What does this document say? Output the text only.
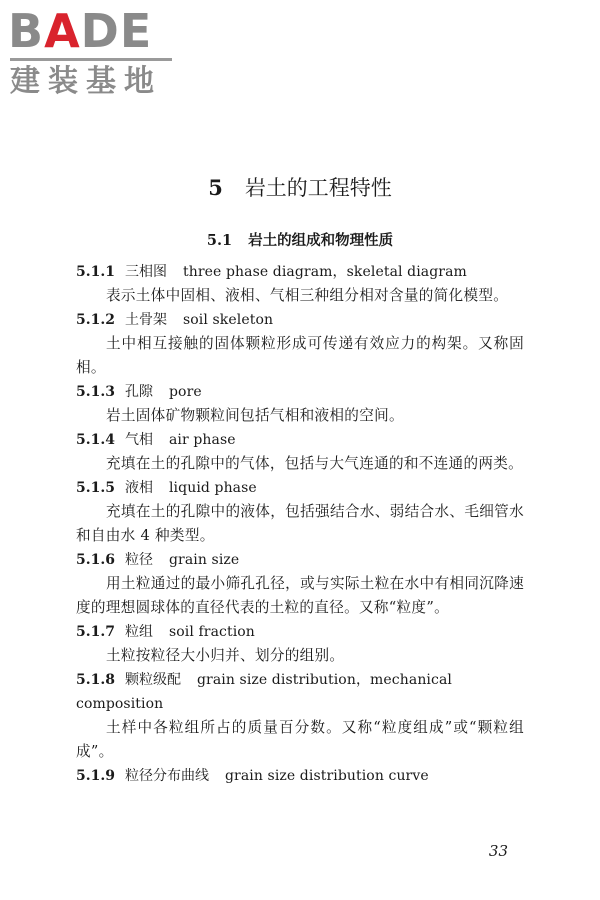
BADE
建装基地
5 岩土的工程特性
5.1 岩土的组成和物理性质
5.1.1 三相图 three phase diagram，skeletal diagram

表示土体中固相、液相、气相三种组分相对含量的简化模型。

5.1.2 土骨架 soil skeleton

土中相互接触的固体颗粒形成可传递有效应力的构架。又称固相。

5.1.3 孔隙 pore

岩土固体矿物颗粒间包括气相和液相的空间。

5.1.4 气相 air phase

充填在土的孔隙中的气体，包括与大气连通的和不连通的两类。

5.1.5 液相 liquid phase

充填在土的孔隙中的液体，包括强结合水、弱结合水、毛细管水和自由水 4 种类型。

5.1.6 粒径 grain size

用土粒通过的最小筛孔孔径，或与实际土粒在水中有相同沉降速度的理想圆球体的直径代表的土粒的直径。又称“粒度”。

5.1.7 粒组 soil fraction

土粒按粒径大小归并、划分的组别。

5.1.8 颗粒级配 grain size distribution，mechanical composition

土样中各粒组所占的质量百分数。又称“粒度组成”或“颗粒组成”。

5.1.9 粒径分布曲线 grain size distribution curve
33
